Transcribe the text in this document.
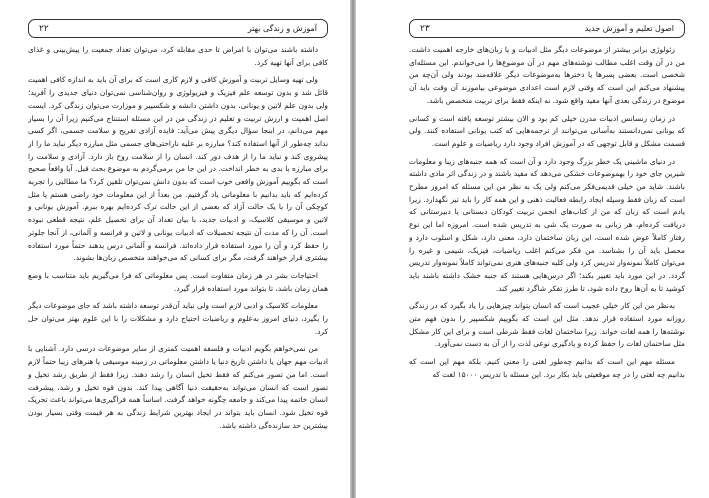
آموزش و زندگی بهتر
۲۲

داشته باشند می‌توان با امراض تا حدی مقابله کرد، می‌توان تعداد جمعیت را پیش‌بینی و غذای کافی برای آنها تهیه کرد.

ولی تهیه وسایل تربیت و آموزش کافی و لازم کاری است که برای آن باید به اندازه کافی اهمیت قائل شد و بدون توسعه علم فیزیک و فیزیولوژی و روان‌شناسی نمی‌توان دنیای جدیدی را آفرید؛ ولی بدون علم لاتین و یونانی، بدون داشتن دانشه و شکسپیر و موزارت می‌توان زندگی کرد. ایست اصل اهمیت و ارزش تربیت و تعلیم در زندگی من در این مسئله استنتاج می‌کنیم زیرا آن را بسیار مهم می‌دانم، در اینجا سؤال دیگری پیش می‌آید: فایده آزادی تفریح و سلامت جسمی، اگر کسی نداند چه‌طور از آنها استفاده کند؟ مبارزه بر علیه ناراحتی‌های جسمی مثل مبارزه دیگر نباید ما را از پیشروی کند و نباید ما را از هدف دور کند. انسان را از سلامت روح باز دارد. آزادی و سلامت را برای مبارزه با بدی به خطر انداخت. در این جا من برمی‌گردم به موضوع بحث قبل. آیا واقعاً صحیح است که بگوییم آموزش واقعی خوب است که بدون دانش نمی‌توان تلقین کرد؟ ما مطالبی را تجربه کرده‌ایم که باید بدانیم با معلوماتی یاد گرفتیم. من بعداً از این معلومات خود راضی هستم یا مثل کوچکی آن را با یک حالت آزاد که بعضی از این حالت ترک کرده‌ایم بهره ببرم. آموزش یونانی و لاتین و موسیقی کلاسیک، و ادبیات جدید، با بیان تعداد آن برای تحصیل علم، نتیجه قطعی نبوده است. آن را که مدت آن نتیجه تحصیلات که ادبیات یونانی و لاتین و فرانسه و آلمانی، از آنجا جلوتر را حفظ کرد و آن را مورد استفاده قرار داده‌اند. فرانسه و آلمانی درس بدهند حتماً مورد استفاده بیشتری قرار خواهند گرفت، مگر برای کسانی که می‌خواهند متخصص زبان‌ها بشوند.

احتیاجات بشر در هر زمان متفاوت است. پس معلوماتی که فرا می‌گیریم باید متناسب با وضع همان زمان باشد، تا بتواند مورد استفاده قرار گیرد.

معلومات کلاسیک و ادبی لازم است ولی نباید آن‌قدر توسعه داشته باشد که جای موضوعات دیگر را بگیرد، دنیای امروز به‌علوم و ریاضیات احتیاج دارد و مشکلات را با این علوم بهتر می‌توان حل کرد.

من نمی‌خواهم بگویم ادبیات و فلسفه اهمیت کمتری از سایر موضوعات درسی دارد. آشنایی با ادبیات مهم جهان یا داشتن تاریخ دنیا یا داشتن معلوماتی در زمینه موسیقی یا هنرهای زیبا حتماً لازم است. اما من تصور می‌کنم که فقط تخیل انسان را رشد دهند. زیرا فقط از طریق رشد تخیل و تصور است که انسان می‌تواند به‌حقیقت دنیا آگاهی پیدا کند. بدون قوه تخیل و رشد، پیشرفت انسان خاتمه پیدا می‌کند و جامعه چگونه خواهد گرفت. اساساً همه فراگیری‌ها می‌تواند باعث تحریک قوه تخیل شود. انسان باید بتواند در ایجاد بهترین شرایط زندگی به هر قیمت وقتی بسیار بودن بیشترین حد سازنده‌گی داشته باشد.

اصول تعلیم و آموزش جدید
۲۳

زئولوژی برابر بیشتر از موضوعات دیگر مثل ادبیات و یا زبان‌های خارجه اهمیت داشت. من در آن وقت اغلب مطالب نوشته‌های مهم در آن موضوع‌ها را می‌خواندم. این مسئله‌ای شخصی است. بعضی پسرها یا دخترها به‌موضوعات دیگر علاقه‌مند بودند ولی آن‌چه من پیشنهاد می‌کنم این است که وقتی لازم است اعدادی موضوعی بیاموزند آن وقت باید آن موضوع در زندگی بعدی آنها مفید واقع شود. نه اینکه فقط برای تربیت متخصص باشد.

در زمان رنسانس ادبیات مدرن خیلی کم بود و الان بیشتر توسعه یافته است و کسانی که یونانی نمی‌دانستند به‌آسانی می‌توانند از ترجمه‌هایی که کتب یونانی استفاده کنند. ولی قسمت مشکل و قابل توجهی که در آموزش افراد وجود دارد ریاضیات و علوم است.

در دنیای ماشینی یک خطر بزرگ وجود دارد و آن است که همه جنبه‌های زیبا و معلومات شیرین جای خود را بهموضوعات خشکی می‌دهد که مفید باشند و در زندگی اثر مادی داشته باشند. شاید من خیلی قدیمی‌فکر می‌کنم ولی یک به نظر من این مسئله که امروز مطرح است که زبان فقط وسیله ایجاد رابطه فعالیت ذهنی و این همه کار را باید تیز نگهدارد. زیرا یادم است که زبان که من از کتاب‌های انجمن تربیت کودکان دبستانی یا دبیرستانی که دریافت کرده‌ام، هر زبانی به صورت یک شی به تدریس شده است. امروزه اما این نوع رفتار کاملاً عوض شده است، این زبان ساختمان دارد، معنی دارد، شکل و اسلوب دارد و محصل باید آن را بشناسد. من فکر می‌کنم اغلب ریاضیات، فیزیک، شیمی و غیره را می‌توان کاملاً نمونه‌وار تدریس کرد ولی کلیه جنبه‌های هنری نمی‌تواند کاملاً نمونه‌وار تدریس گردد. در این مورد باید تغییر بکند؛ اگر درس‌هایی هستند که جنبه خشک داشته باشند باید کوشید تا به آن‌ها روح داده شود، تا طرز تفکر شاگرد تغییر کند.

به‌نظر من این کار خیلی عجیب است که انسان بتواند چیزهایی را یاد بگیرد که در زندگی روزانه مورد استفاده قرار ندهد. مثل این است که بگوییم شکسپیر را بدون فهم متن نوشته‌ها را همه لغات خواند. زیرا ساختمان لغات فقط شرطی است و برای این کار مشکل مثل ساختمان لغات را حفظ کرده و یادگیری نوعی لذت را از آن به دست نمی‌آورد.

مسئله مهم این است که بدانیم چه‌طور لغتی را معنی کنیم. بلکه مهم این است که بدانیم چه لغتی را در چه موقعیتی باید بکار برد. این مسئله با تدریس ۱۵۰۰۰ لغت که
